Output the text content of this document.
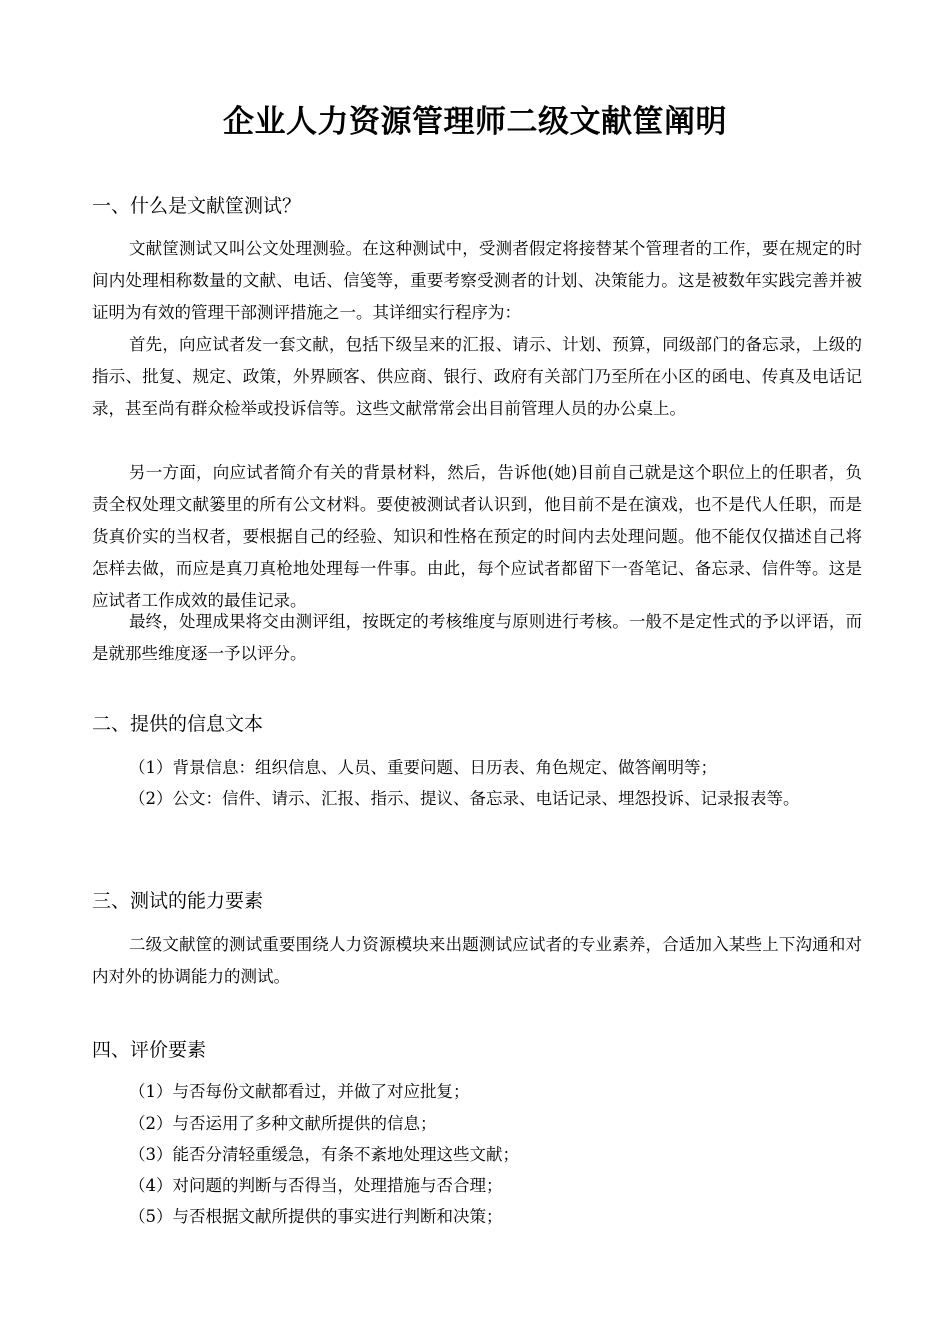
企业人力资源管理师二级文献筐阐明
一、什么是文献筐测试？

文献筐测试又叫公文处理测验。在这种测试中，受测者假定将接替某个管理者的工作，要在规定的时间内处理相称数量的文献、电话、信笺等，重要考察受测者的计划、决策能力。这是被数年实践完善并被证明为有效的管理干部测评措施之一。其详细实行程序为：

首先，向应试者发一套文献，包括下级呈来的汇报、请示、计划、预算，同级部门的备忘录，上级的指示、批复、规定、政策，外界顾客、供应商、银行、政府有关部门乃至所在小区的函电、传真及电话记录，甚至尚有群众检举或投诉信等。这些文献常常会出目前管理人员的办公桌上。

另一方面，向应试者简介有关的背景材料，然后，告诉他(她)目前自己就是这个职位上的任职者，负责全权处理文献篓里的所有公文材料。要使被测试者认识到，他目前不是在演戏，也不是代人任职，而是货真价实的当权者，要根据自己的经验、知识和性格在预定的时间内去处理问题。他不能仅仅描述自己将怎样去做，而应是真刀真枪地处理每一件事。由此，每个应试者都留下一沓笔记、备忘录、信件等。这是应试者工作成效的最佳记录。

最终，处理成果将交由测评组，按既定的考核维度与原则进行考核。一般不是定性式的予以评语，而是就那些维度逐一予以评分。

二、提供的信息文本

（1）背景信息：组织信息、人员、重要问题、日历表、角色规定、做答阐明等；

（2）公文：信件、请示、汇报、指示、提议、备忘录、电话记录、埋怨投诉、记录报表等。

三、测试的能力要素

二级文献筐的测试重要围绕人力资源模块来出题测试应试者的专业素养，合适加入某些上下沟通和对内对外的协调能力的测试。

四、评价要素

（1）与否每份文献都看过，并做了对应批复；

（2）与否运用了多种文献所提供的信息；

（3）能否分清轻重缓急，有条不紊地处理这些文献；

（4）对问题的判断与否得当，处理措施与否合理；

（5）与否根据文献所提供的事实进行判断和决策；
